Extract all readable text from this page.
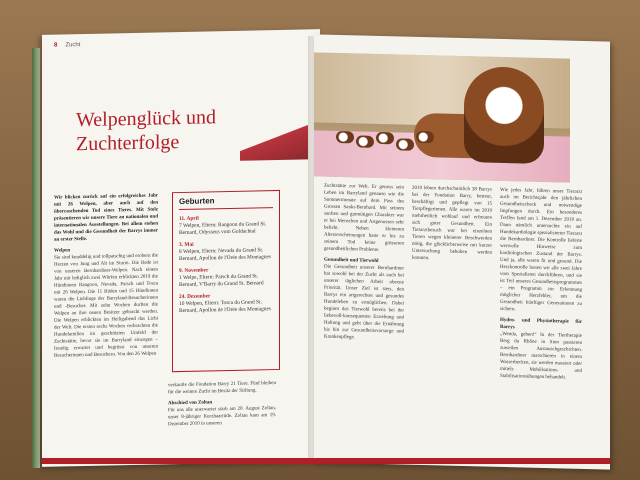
8 Zucht
Welpenglück und
Zuchterfolge
Wir blicken zurück auf ein erfolgreiches Jahr mit 26 Welpen, aber auch auf den überraschenden Tod eines Tieres. Mit Stolz präsentieren wir unsere Tiere an nationalen und internationalen Ausstellungen. Bei allem stehen das Wohl und die Gesundheit der Barrys immer an erster Stelle.
Welpen
Sie sind knuddelig und tollpatschig und erobern die Herzen von Jung und Alt im Sturm. Die Rede ist von unseren Bernhardiner-Welpen. Nach einem Jahr mit lediglich zwei Würfen erblickten 2019 die Hündinnen Rangoon, Nevada, Patsch und Tosca mit 26 Welpen. Die 11 Rüden und 15 Hündinnen waren die Lieblinge der Barryland-Besucherinnen und -Besucher. Mit zehn Wochen durften die Welpen an ihre neuen Besitzer gebracht werden. Die Welpen erblickten im Heiligabend das Licht der Welt. Die ersten sechs Wochen verbrachten die Hundefamilien im geschützten Umfeld der Zuchtstätte, bevor sie im Barryland einzogen – freudig erwartet und begrüsst von unseren Besucherinnen und Besuchern. Von den 26 Welpen
Geburten
11. April
7 Welpen, Eltern: Rangoon du Grand St. Bernard, Odysseus vom Goldachtal
3. Mai
8 Welpen, Eltern: Nevada du Grand St. Bernard, Apollon de l'Orée des Montagnes
9. November
1 Welpe, Eltern: Patsch du Grand St. Bernard, V'Barry du Grand St. Bernard
24. Dezember
10 Welpen, Eltern: Tosca du Grand St. Bernard, Apollon de l'Orée des Montagnes
verkaufte die Fondation Barry 21 Tiere. Fünf bleiben für die weitere Zucht im Besitz der Stiftung.
Abschied von Zoltan
Für uns alle unerwartet starb am 20. August Zoltan, unser 8-jähriger Kurzhaarrüde. Zoltan kam am 19. Dezember 2010 in unseren
Zuchtstätte zur Welt. Er genoss sein Leben im Barryland genauso wie die Sommermonate auf dem Pass des Grossen Sankt-Bernhard. Mit seinem sanften und gutmütigen Charakter war er bei Menschen und Artgenossen sehr beliebt. Neben kleineren Alterserscheinungen hatte er bis zu seinem Tod keine grösseren gesundheitlichen Probleme.
Gesundheit und Tierwohl
Die Gesundheit unserer Bernhardiner hat sowohl bei der Zucht als auch bei unserer täglichen Arbeit oberste Priorität. Unser Ziel ist stets, den Barrys ein artgerechtes und gesundes Hundeleben zu ermöglichen. Dabei beginnt das Tierwohl bereits bei der liebevoll-konsequenten Erziehung und Haltung und geht über die Ernährung bis hin zur Gesundheitsvorsorge und Krankenpflege.
2019 lebten durchschnittlich 38 Barrys bei der Fondation Barry, betreut, beschäftigt und gepflegt von 15 Tierpflegerinnen. Alle waren im 2019 mehrheitlich wohlauf und erfreuten sich guter Gesundheit. Ein Tierarztbesuch war bei einzelnen Tieren wegen kleinerer Beschwerden nötig, die glücklicherweise mit kurzer Untersuchung behoben werden konnten.
Wie jedes Jahr, führen unser Tierarzt auch im Berichtsjahr den jährlichen Gesundheitscheck und notwendige Impfungen durch. Ein besonderes Treffen fand am 1. Dezember 2019 an. Dann nämlich untersuchte ein auf Hundekardiologie spezialisierter Tierarzt die Bernhardiner. Die Kontrolle lieferte wertvolle Hinweise zum kardiologischen Zustand der Barrys. Und ja, alle waren fit und gesund. Die Herzkontrolle lassen wir alle zwei Jahre vom Spezialisten durchführen, und sie ist Teil unseres Gesundheitsprogrammes – ein Programm zur Erkennung möglicher Herzfehler, um die Gesundheit künftiger Generationen zu sichern.
Hydro- und Physiotherapie für Barrys
„Wenda, geben!“ In der Tiertherapie Berg du Rhône in Sion passieren zuweilen Austauschgeschichten. Bernhardiner marschieren in einem Wasserbecken, sie werden massiert oder mittels Mobilisations- und Stabilisationsübungen behandelt.
